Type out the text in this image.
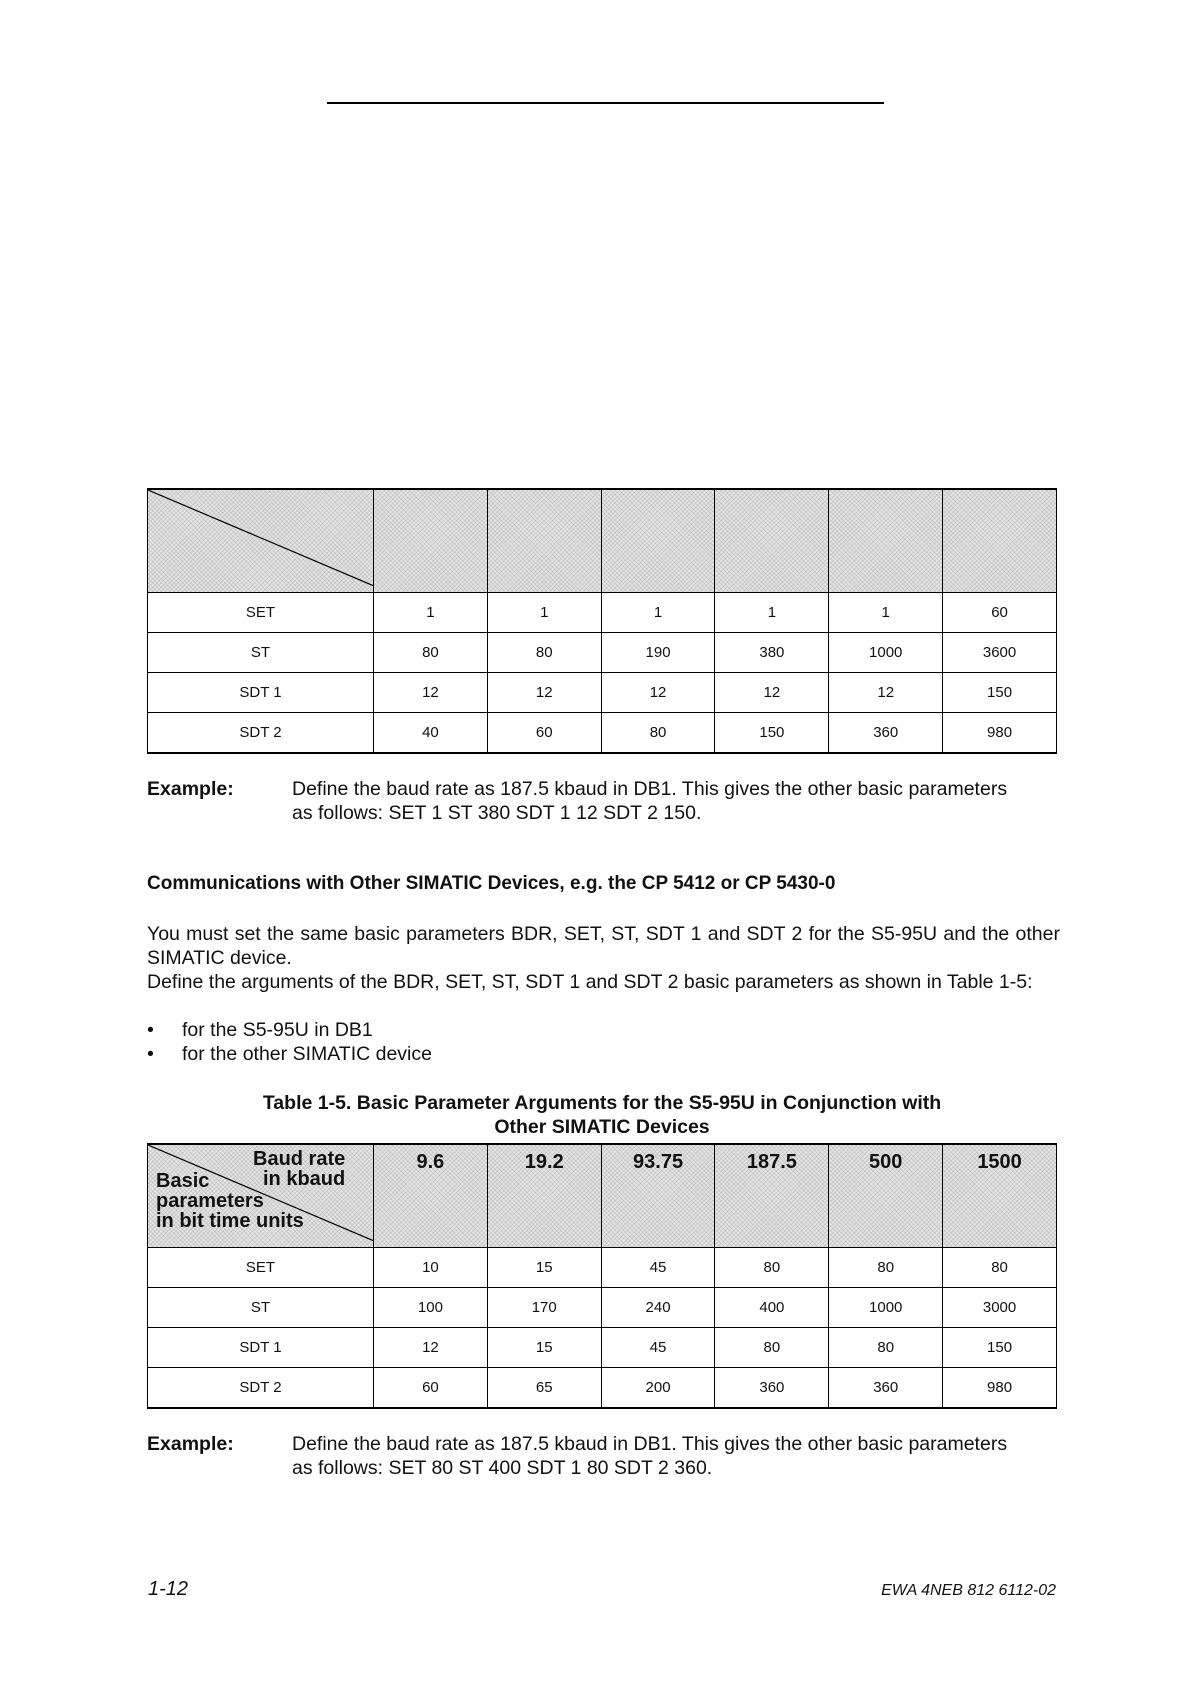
SET	1	1	1	1	1	60
ST	80	80	190	380	1000	3600
SDT 1	12	12	12	12	12	150
SDT 2	40	60	80	150	360	980
Example:	Define the baud rate as 187.5 kbaud in DB1. This gives the other basic parameters
as follows: SET 1 ST 380 SDT 1 12 SDT 2 150.
Communications with Other SIMATIC Devices, e.g. the CP 5412 or CP 5430-0
You must set the same basic parameters BDR, SET, ST, SDT 1 and SDT 2 for the S5-95U and the other SIMATIC device.
Define the arguments of the BDR, SET, ST, SDT 1 and SDT 2 basic parameters as shown in Table 1-5:
• for the S5-95U in DB1
• for the other SIMATIC device
Table 1-5. Basic Parameter Arguments for the S5-95U in Conjunction with
Other SIMATIC Devices
Baud rate
in kbaud
Basic
parameters
in bit time units	9.6	19.2	93.75	187.5	500	1500
SET	10	15	45	80	80	80
ST	100	170	240	400	1000	3000
SDT 1	12	15	45	80	80	150
SDT 2	60	65	200	360	360	980
Example:	Define the baud rate as 187.5 kbaud in DB1. This gives the other basic parameters
as follows: SET 80 ST 400 SDT 1 80 SDT 2 360.
1-12	EWA 4NEB 812 6112-02
